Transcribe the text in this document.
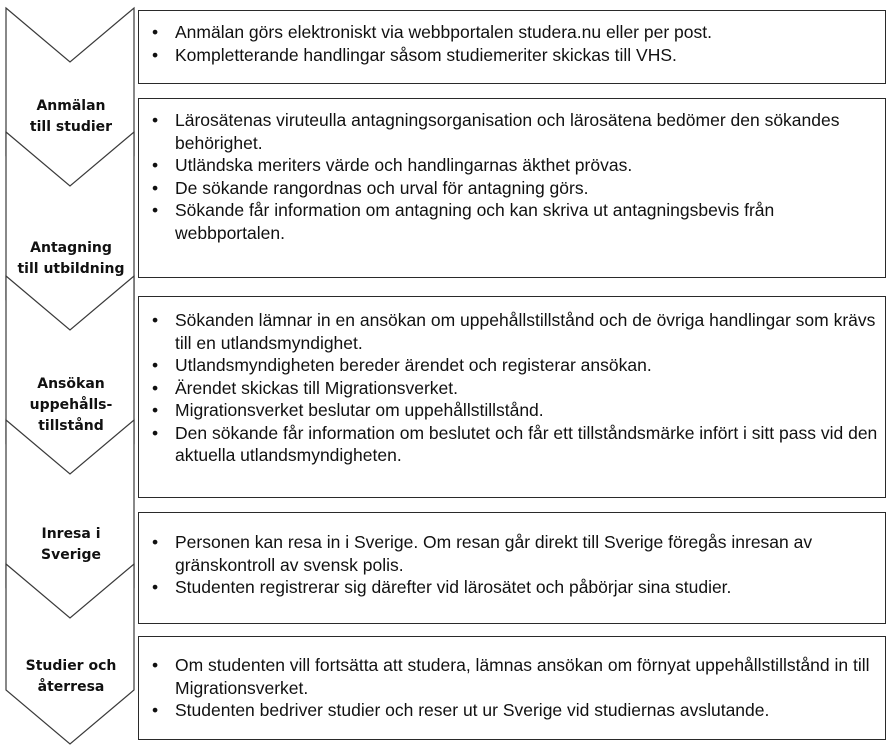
Anmälan
till studier
• Anmälan görs elektroniskt via webbportalen studera.nu eller per post.
• Kompletterande handlingar såsom studiemeriter skickas till VHS.
Antagning
till utbildning
• Lärosätenas viruteulla antagningsorganisation och lärosätena bedömer den sökandes behörighet.
• Utländska meriters värde och handlingarnas äkthet prövas.
• De sökande rangordnas och urval för antagning görs.
• Sökande får information om antagning och kan skriva ut antagningsbevis från webbportalen.
Ansökan
uppehålls-
tillstånd
• Sökanden lämnar in en ansökan om uppehållstillstånd och de övriga handlingar som krävs till en utlandsmyndighet.
• Utlandsmyndigheten bereder ärendet och registerar ansökan.
• Ärendet skickas till Migrationsverket.
• Migrationsverket beslutar om uppehållstillstånd.
• Den sökande får information om beslutet och får ett tillståndsmärke infört i sitt pass vid den aktuella utlandsmyndigheten.
Inresa i
Sverige
• Personen kan resa in i Sverige. Om resan går direkt till Sverige föregås inresan av gränskontroll av svensk polis.
• Studenten registrerar sig därefter vid lärosätet och påbörjar sina studier.
Studier och
återresa
• Om studenten vill fortsätta att studera, lämnas ansökan om förnyat uppehållstillstånd in till Migrationsverket.
• Studenten bedriver studier och reser ut ur Sverige vid studiernas avslutande.
